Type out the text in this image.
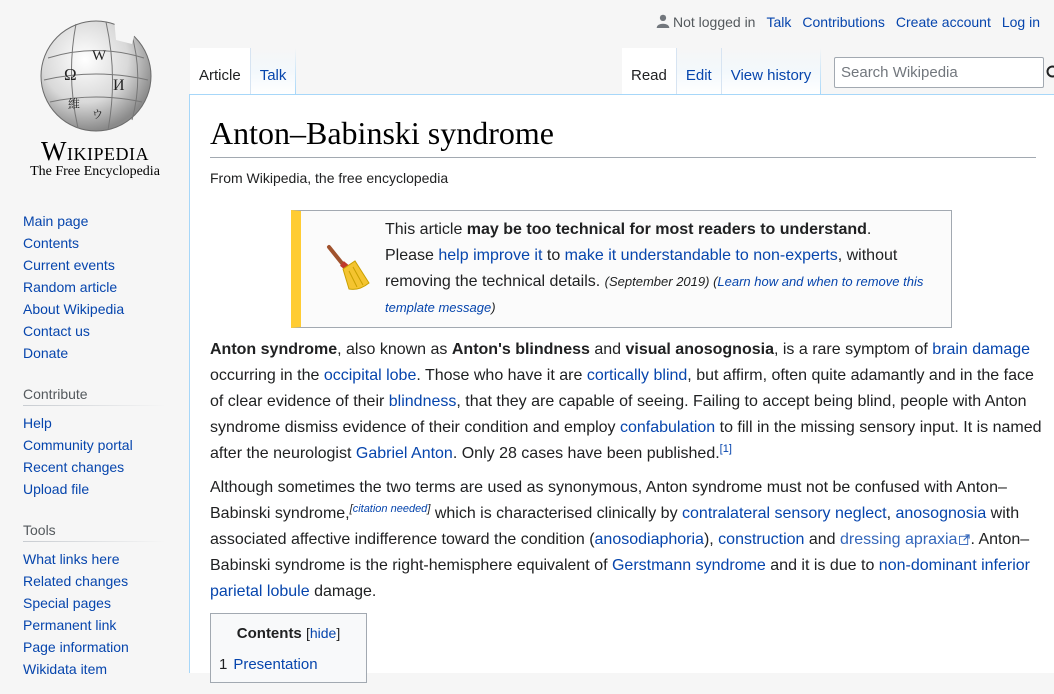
Not logged in Talk Contributions Create account Log in
Ω
W
И
維
ウ
Wikipedia
The Free Encyclopedia
Main page
Contents
Current events
Random article
About Wikipedia
Contact us
Donate
Contribute
Help
Community portal
Recent changes
Upload file
Tools
What links here
Related changes
Special pages
Permanent link
Page information
Wikidata item
Article Talk	Read Edit View history
Search Wikipedia
Anton–Babinski syndrome
From Wikipedia, the free encyclopedia
This article may be too technical for most readers to understand.
Please help improve it to make it understandable to non-experts, without removing the technical details. (September 2019) (Learn how and when to remove this template message)

Anton syndrome, also known as Anton's blindness and visual anosognosia, is a rare symptom of brain damage occurring in the occipital lobe. Those who have it are cortically blind, but affirm, often quite adamantly and in the face of clear evidence of their blindness, that they are capable of seeing. Failing to accept being blind, people with Anton syndrome dismiss evidence of their condition and employ confabulation to fill in the missing sensory input. It is named after the neurologist Gabriel Anton. Only 28 cases have been published.[1]

Although sometimes the two terms are used as synonymous, Anton syndrome must not be confused with Anton–Babinski syndrome,[citation needed] which is characterised clinically by contralateral sensory neglect, anosognosia with associated affective indifference toward the condition (anosodiaphoria), construction and dressing apraxia . Anton–Babinski syndrome is the right-hemisphere equivalent of Gerstmann syndrome and it is due to non-dominant inferior parietal lobule damage.

Contents [hide]
1 Presentation
